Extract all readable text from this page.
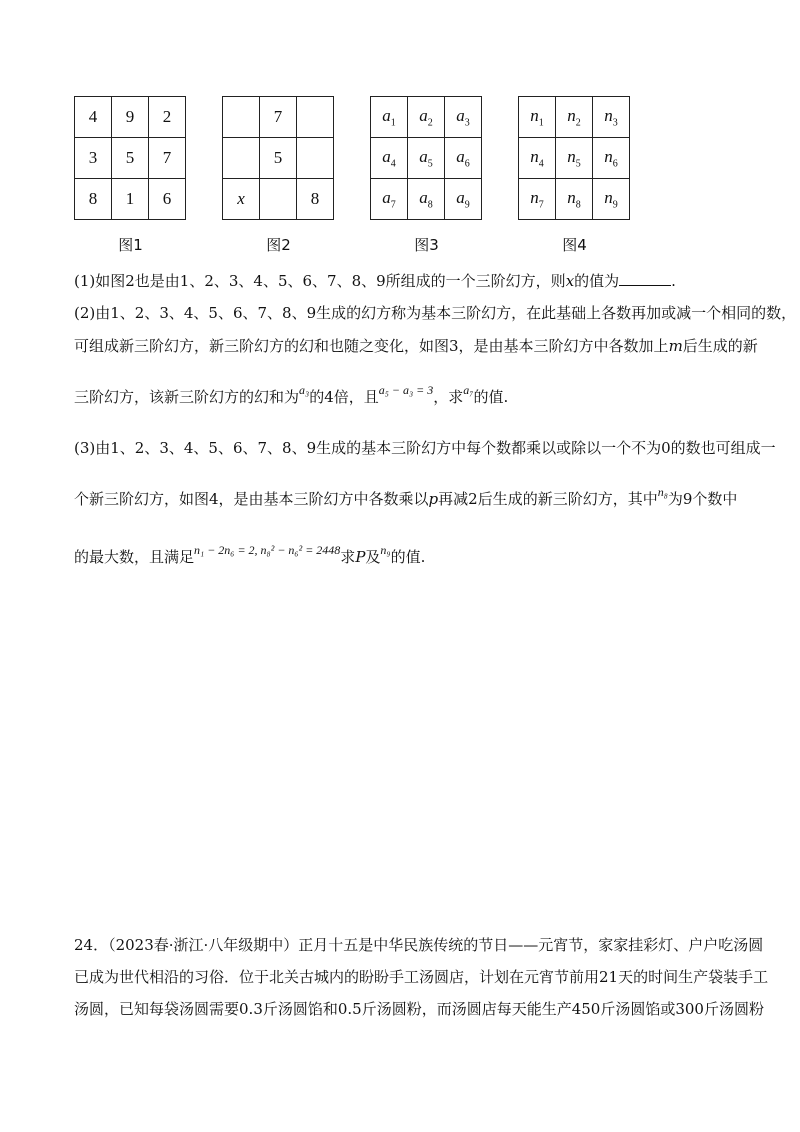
4	9	2
3	5	7
8	1	6
	7	
	5	
x		8
$a_1$	$a_2$	$a_3$
$a_4$	$a_5$	$a_6$
$a_7$	$a_8$	$a_9$
$n_1$	$n_2$	$n_3$
$n_4$	$n_5$	$n_6$
$n_7$	$n_8$	$n_9$
图1	图2	图3	图4
(1)如图2也是由1、2、3、4、5、6、7、8、9所组成的一个三阶幻方，则x的值为	.
(2)由1、2、3、4、5、6、7、8、9生成的幻方称为基本三阶幻方，在此基础上各数再加或减一个相同的数，
可组成新三阶幻方，新三阶幻方的幻和也随之变化，如图3，是由基本三阶幻方中各数加上m后生成的新
三阶幻方，该新三阶幻方的幻和为$^{a_3}$的4倍，且$^{a_5 - a_3 = 3}$，求$^{a_7}$的值.
(3)由1、2、3、4、5、6、7、8、9生成的基本三阶幻方中每个数都乘以或除以一个不为0的数也可组成一
个新三阶幻方，如图4，是由基本三阶幻方中各数乘以p再减2后生成的新三阶幻方，其中$^{n_8}$为9个数中
的最大数，且满足$^{n_1 - 2n_6 = 2, n_8^2 - n_6^2 = 2448}$求P及$^{n_9}$的值.
24．（2023春·浙江·八年级期中）正月十五是中华民族传统的节日——元宵节，家家挂彩灯、户户吃汤圆
已成为世代相沿的习俗．位于北关古城内的盼盼手工汤圆店，计划在元宵节前用21天的时间生产袋装手工
汤圆，已知每袋汤圆需要0.3斤汤圆馅和0.5斤汤圆粉，而汤圆店每天能生产450斤汤圆馅或300斤汤圆粉
